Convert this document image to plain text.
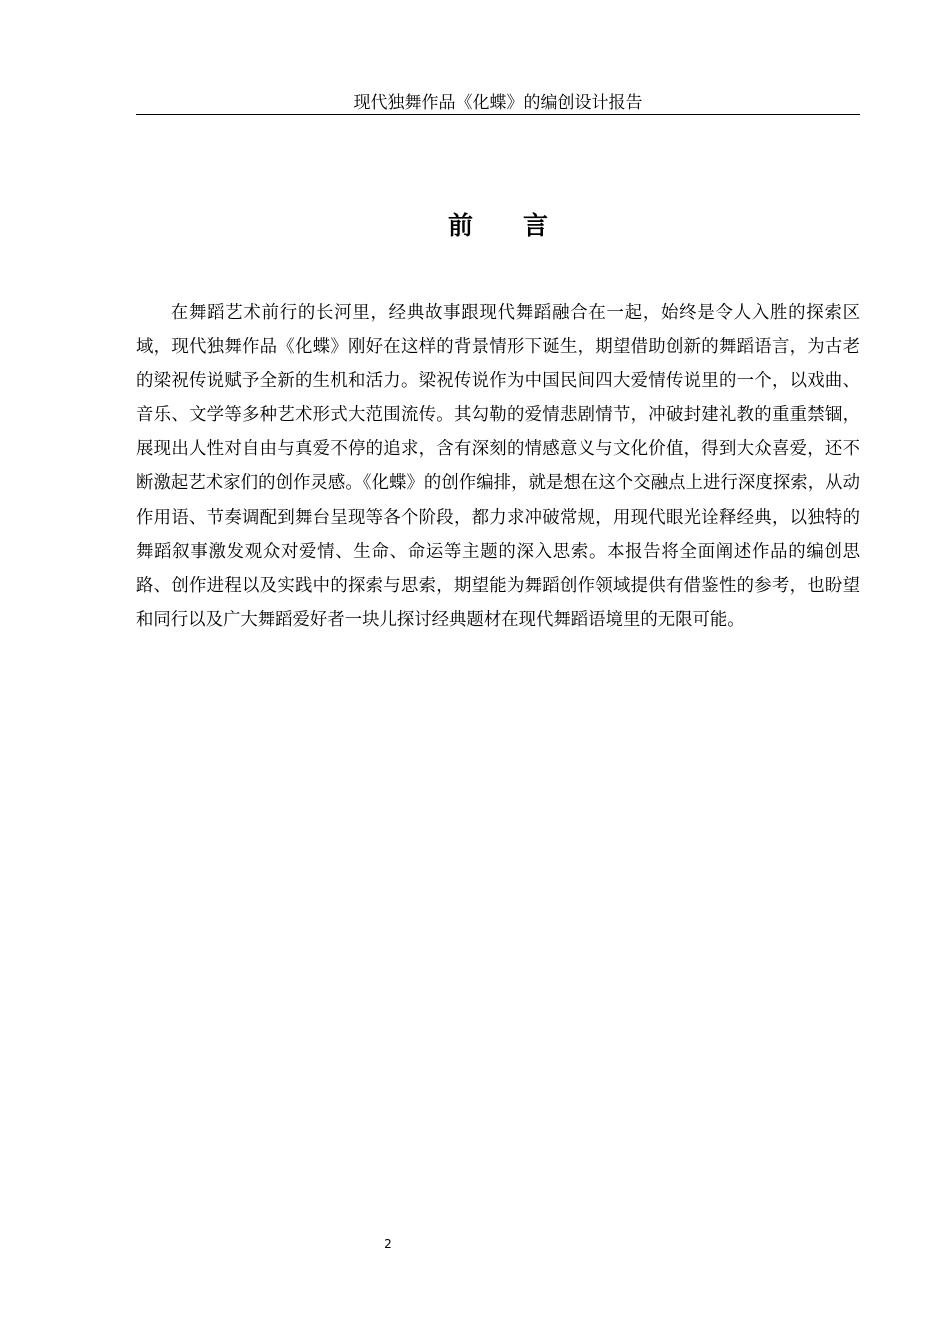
现代独舞作品《化蝶》的编创设计报告
前言

在舞蹈艺术前行的长河里，经典故事跟现代舞蹈融合在一起，始终是令人入胜的探索区域，现代独舞作品《化蝶》刚好在这样的背景情形下诞生，期望借助创新的舞蹈语言，为古老的梁祝传说赋予全新的生机和活力。梁祝传说作为中国民间四大爱情传说里的一个，以戏曲、音乐、文学等多种艺术形式大范围流传。其勾勒的爱情悲剧情节，冲破封建礼教的重重禁锢，展现出人性对自由与真爱不停的追求，含有深刻的情感意义与文化价值，得到大众喜爱，还不断激起艺术家们的创作灵感。《化蝶》的创作编排，就是想在这个交融点上进行深度探索，从动作用语、节奏调配到舞台呈现等各个阶段，都力求冲破常规，用现代眼光诠释经典，以独特的舞蹈叙事激发观众对爱情、生命、命运等主题的深入思索。本报告将全面阐述作品的编创思路、创作进程以及实践中的探索与思索，期望能为舞蹈创作领域提供有借鉴性的参考，也盼望和同行以及广大舞蹈爱好者一块儿探讨经典题材在现代舞蹈语境里的无限可能。

2
